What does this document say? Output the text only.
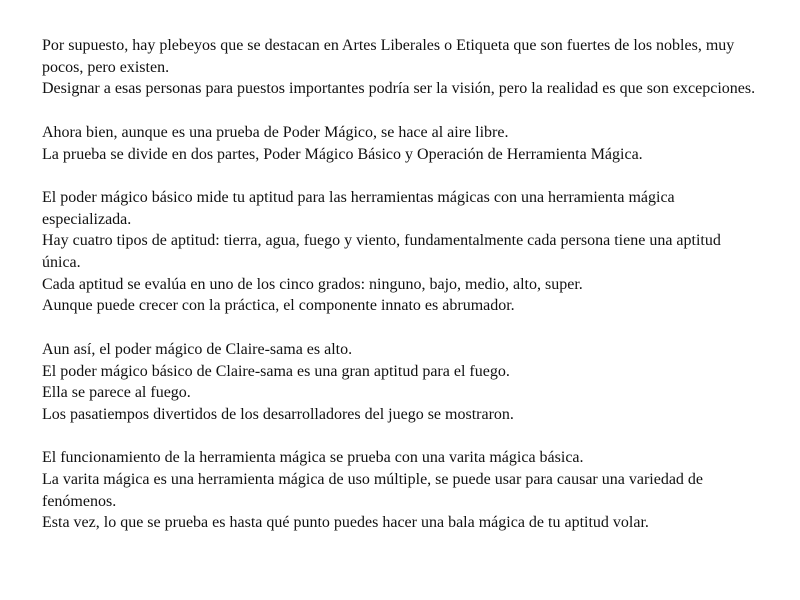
Por supuesto, hay plebeyos que se destacan en Artes Liberales o Etiqueta que son fuertes de los nobles, muy pocos, pero existen.

Designar a esas personas para puestos importantes podría ser la visión, pero la realidad es que son excepciones.

Ahora bien, aunque es una prueba de Poder Mágico, se hace al aire libre.

La prueba se divide en dos partes, Poder Mágico Básico y Operación de Herramienta Mágica.

El poder mágico básico mide tu aptitud para las herramientas mágicas con una herramienta mágica especializada.

Hay cuatro tipos de aptitud: tierra, agua, fuego y viento, fundamentalmente cada persona tiene una aptitud única.

Cada aptitud se evalúa en uno de los cinco grados: ninguno, bajo, medio, alto, super.

Aunque puede crecer con la práctica, el componente innato es abrumador.

Aun así, el poder mágico de Claire-sama es alto.

El poder mágico básico de Claire-sama es una gran aptitud para el fuego.

Ella se parece al fuego.

Los pasatiempos divertidos de los desarrolladores del juego se mostraron.

El funcionamiento de la herramienta mágica se prueba con una varita mágica básica.

La varita mágica es una herramienta mágica de uso múltiple, se puede usar para causar una variedad de fenómenos.

Esta vez, lo que se prueba es hasta qué punto puedes hacer una bala mágica de tu aptitud volar.
